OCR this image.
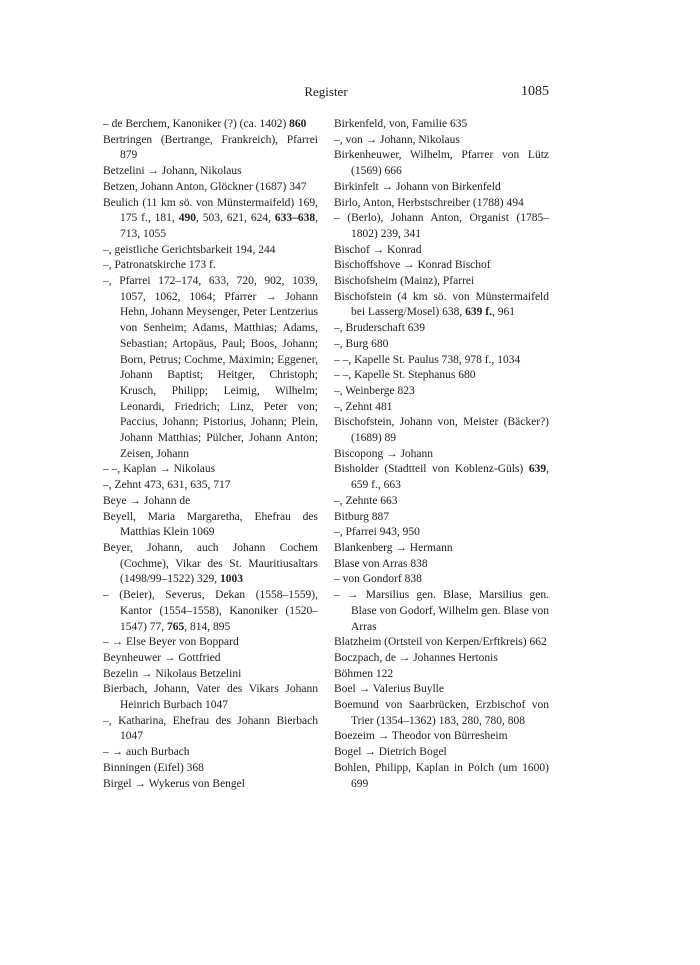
Register	1085

– de Berchem, Kanoniker (?) (ca. 1402) 860

Bertringen (Bertrange, Frankreich), Pfarrei 879

Betzelini → Johann, Nikolaus

Betzen, Johann Anton, Glöckner (1687) 347

Beulich (11 km sö. von Münstermaifeld) 169, 175 f., 181, 490, 503, 621, 624, 633–638, 713, 1055

–, geistliche Gerichtsbarkeit 194, 244

–, Patronatskirche 173 f.

–, Pfarrei 172–174, 633, 720, 902, 1039, 1057, 1062, 1064; Pfarrer → Johann Hehn, Johann Meysenger, Peter Lentzerius von Senheim; Adams, Matthias; Adams, Sebastian; Artopäus, Paul; Boos, Johann; Born, Petrus; Cochme, Maximin; Eggener, Johann Baptist; Heitger, Christoph; Krusch, Philipp; Leimig, Wilhelm; Leonardi, Friedrich; Linz, Peter von; Paccius, Johann; Pistorius, Johann; Plein, Johann Matthias; Pülcher, Johann Anton; Zeisen, Johann

– –, Kaplan → Nikolaus

–, Zehnt 473, 631, 635, 717

Beye → Johann de

Beyell, Maria Margaretha, Ehefrau des Matthias Klein 1069

Beyer, Johann, auch Johann Cochem (Cochme), Vikar des St. Mauritiusaltars (1498/99–1522) 329, 1003

– (Beier), Severus, Dekan (1558–1559), Kantor (1554–1558), Kanoniker (1520–1547) 77, 765, 814, 895

– → Else Beyer von Boppard

Beynheuwer → Gottfried

Bezelin → Nikolaus Betzelini

Bierbach, Johann, Vater des Vikars Johann Heinrich Burbach 1047

–, Katharina, Ehefrau des Johann Bierbach 1047

– → auch Burbach

Binningen (Eifel) 368

Birgel → Wykerus von Bengel

Birkenfeld, von, Familie 635

–, von → Johann, Nikolaus

Birkenheuwer, Wilhelm, Pfarrer von Lütz (1569) 666

Birkinfelt → Johann von Birkenfeld

Birlo, Anton, Herbstschreiber (1788) 494

– (Berlo), Johann Anton, Organist (1785–1802) 239, 341

Bischof → Konrad

Bischoffshove → Konrad Bischof

Bischofsheim (Mainz), Pfarrei

Bischofstein (4 km sö. von Münstermaifeld bei Lasserg/Mosel) 638, 639 f., 961

–, Bruderschaft 639

–, Burg 680

– –, Kapelle St. Paulus 738, 978 f., 1034

– –, Kapelle St. Stephanus 680

–, Weinberge 823

–, Zehnt 481

Bischofstein, Johann von, Meister (Bäcker?) (1689) 89

Biscopong → Johann

Bisholder (Stadtteil von Koblenz-Güls) 639, 659 f., 663

–, Zehnte 663

Bitburg 887

–, Pfarrei 943, 950

Blankenberg → Hermann

Blase von Arras 838

– von Gondorf 838

– → Marsilius gen. Blase, Marsilius gen. Blase von Godorf, Wilhelm gen. Blase von Arras

Blatzheim (Ortsteil von Kerpen/Erftkreis) 662

Boczpach, de → Johannes Hertonis

Böhmen 122

Boel → Valerius Buylle

Boemund von Saarbrücken, Erzbischof von Trier (1354–1362) 183, 280, 780, 808

Boezeim → Theodor von Bürresheim

Bogel → Dietrich Bogel

Bohlen, Philipp, Kaplan in Polch (um 1600) 699
